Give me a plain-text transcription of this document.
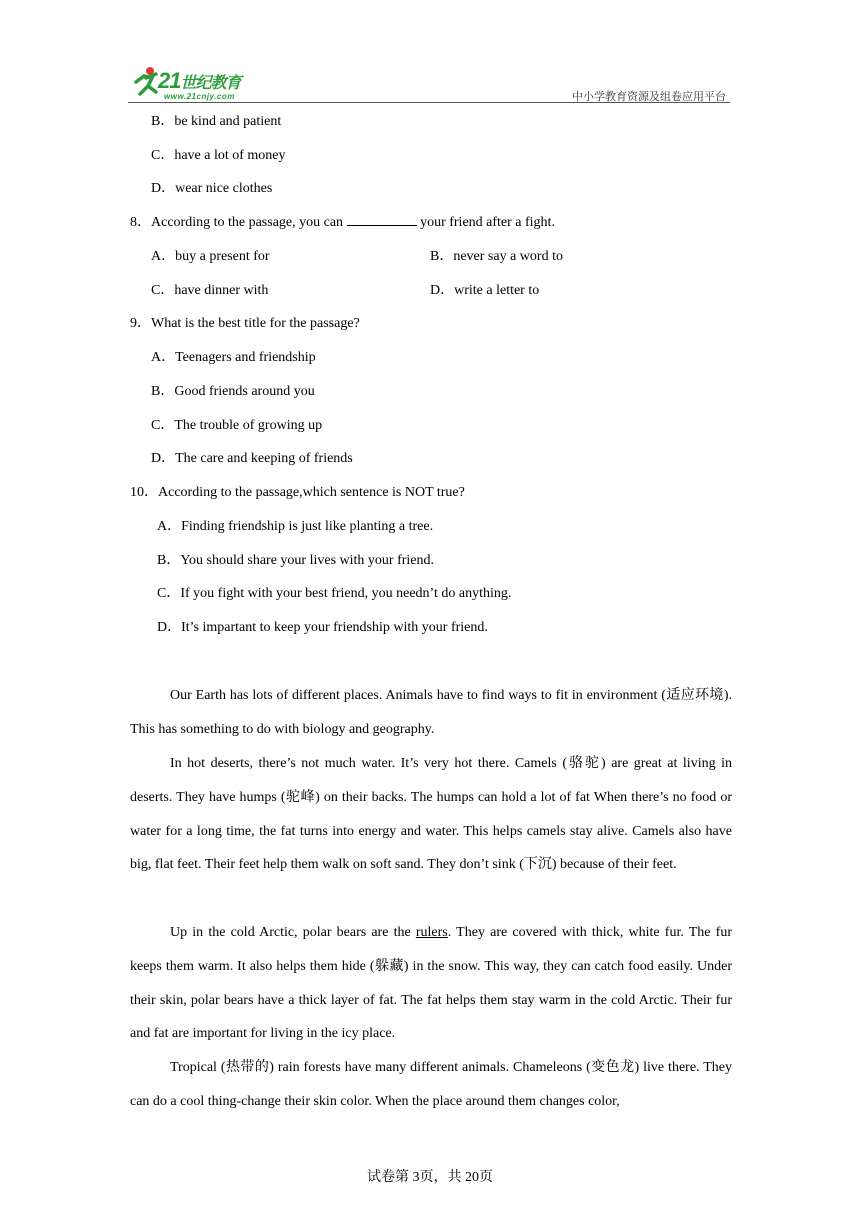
21世纪教育
www.21cnjy.com	中小学教育资源及组卷应用平台
B．be kind and patient
C．have a lot of money
D．wear nice clothes
8．According to the passage, you can	your friend after a fight.
A．buy a present for	B．never say a word to
C．have dinner with	D．write a letter to
9．What is the best title for the passage?
A．Teenagers and friendship
B．Good friends around you
C．The trouble of growing up
D．The care and keeping of friends
10．According to the passage,which sentence is NOT true?
A．Finding friendship is just like planting a tree.
B．You should share your lives with your friend.
C．If you fight with your best friend, you needn’t do anything.
D．It’s impartant to keep your friendship with your friend.
Our Earth has lots of different places. Animals have to find ways to fit in environment (适应环境). This has something to do with biology and geography.
In hot deserts, there’s not much water. It’s very hot there. Camels (骆驼) are great at living in deserts. They have humps (驼峰) on their backs. The humps can hold a lot of fat When there’s no food or water for a long time, the fat turns into energy and water. This helps camels stay alive. Camels also have big, flat feet. Their feet help them walk on soft sand. They don’t sink (下沉) because of their feet.
Up in the cold Arctic, polar bears are the rulers. They are covered with thick, white fur. The fur keeps them warm. It also helps them hide (躲藏) in the snow. This way, they can catch food easily. Under their skin, polar bears have a thick layer of fat. The fat helps them stay warm in the cold Arctic. Their fur and fat are important for living in the icy place.
Tropical (热带的) rain forests have many different animals. Chameleons (变色龙) live there. They can do a cool thing-change their skin color. When the place around them changes color,
试卷第 3页，共 20页
